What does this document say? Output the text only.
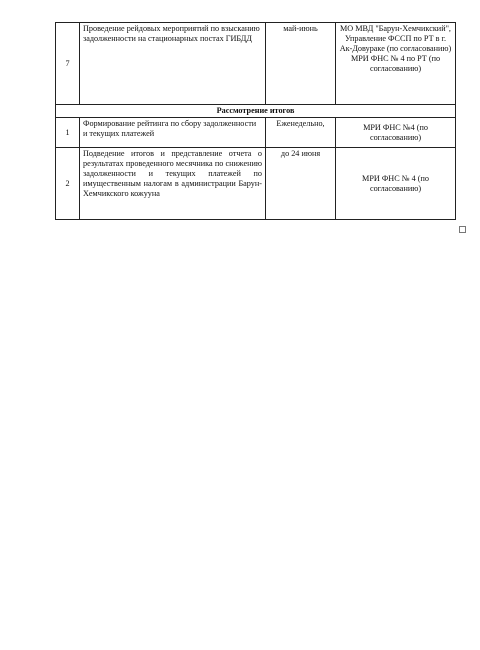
7	Проведение рейдовых мероприятий по взысканию задолженности на стационарных постах ГИБДД	май-июнь	МО МВД "Барун-Хемчикский", Управление ФССП по РТ в г. Ак-Довураке (по согласованию) МРИ ФНС № 4 по РТ (по согласованию)
Рассмотрение итогов			
1	Формирование рейтинга по сбору задолженности и текущих платежей	Еженедельно,	МРИ ФНС №4 (по согласованию)
2	Подведение итогов и представление отчета о результатах проведенного месячника по снижению задолженности и текущих платежей по имущественным налогам в администрации Барун-Хемчикского кожууна	до 24 июня	МРИ ФНС № 4 (по согласованию)
